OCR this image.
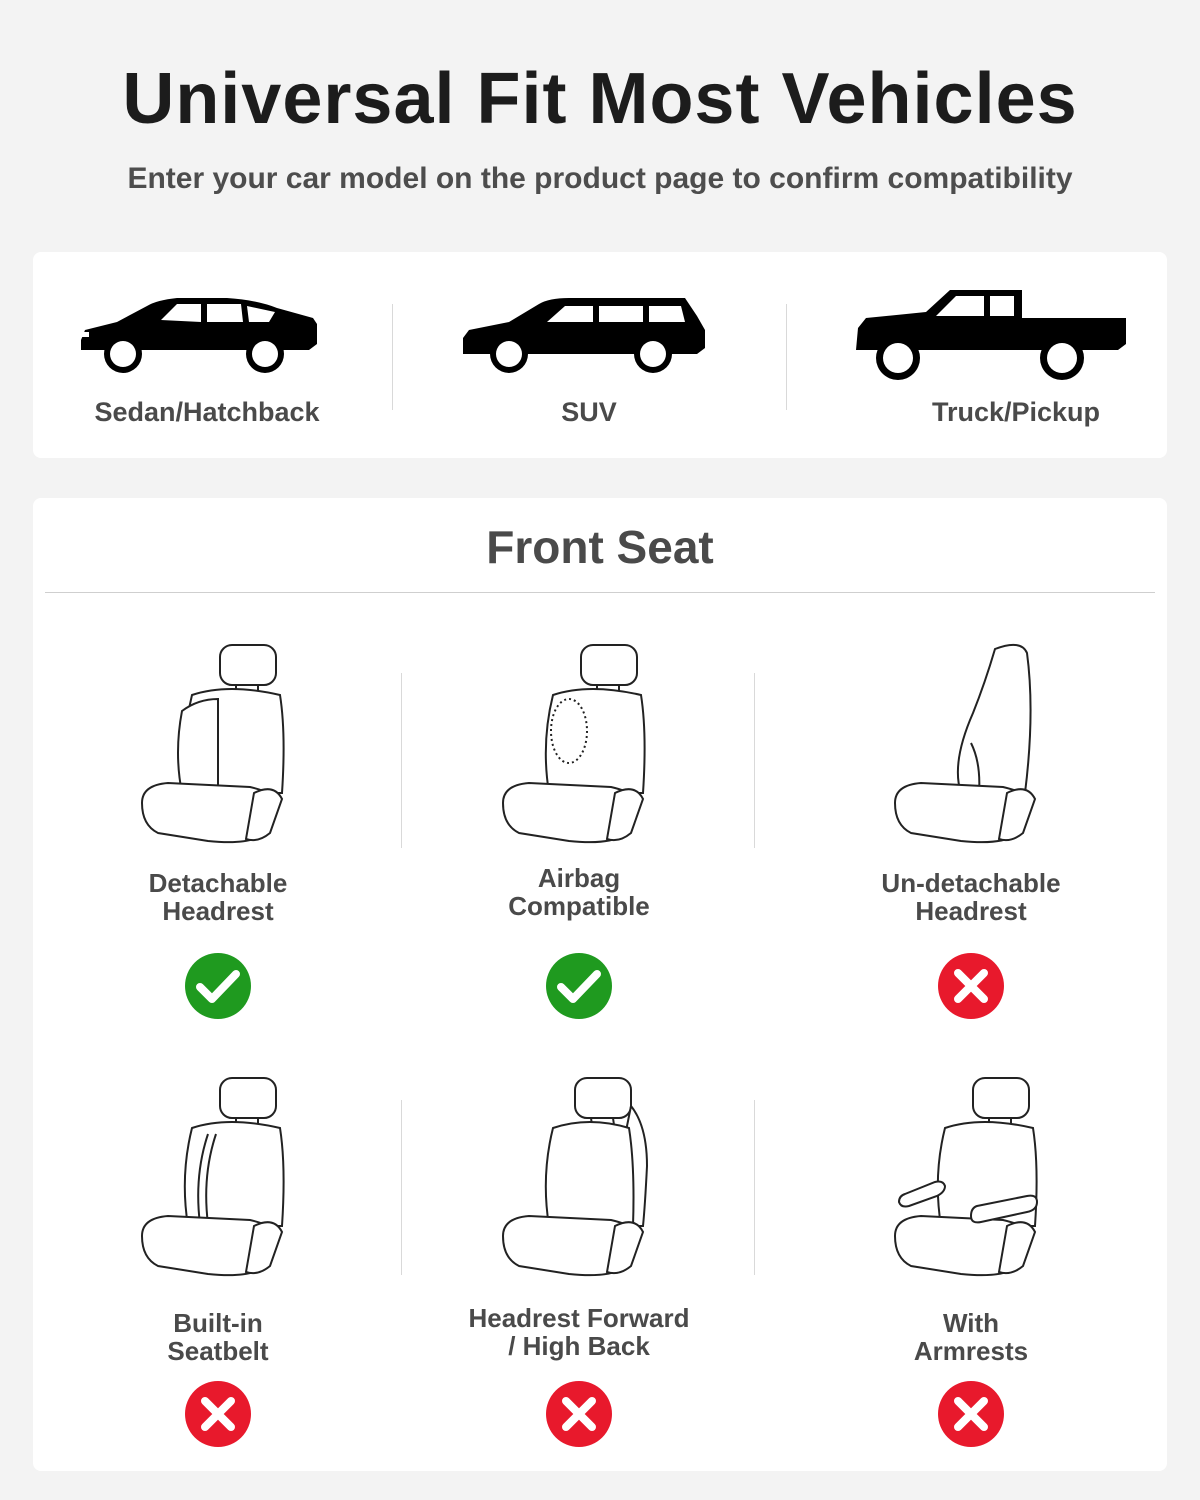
Universal Fit Most Vehicles

Enter your car model on the product page to confirm compatibility

Sedan/Hatchback	SUV	Truck/Pickup
Front Seat
Detachable
Headrest
Airbag
Compatible
Un-detachable
Headrest
Built-in
Seatbelt
Headrest Forward
/ High Back
With
Armrests
